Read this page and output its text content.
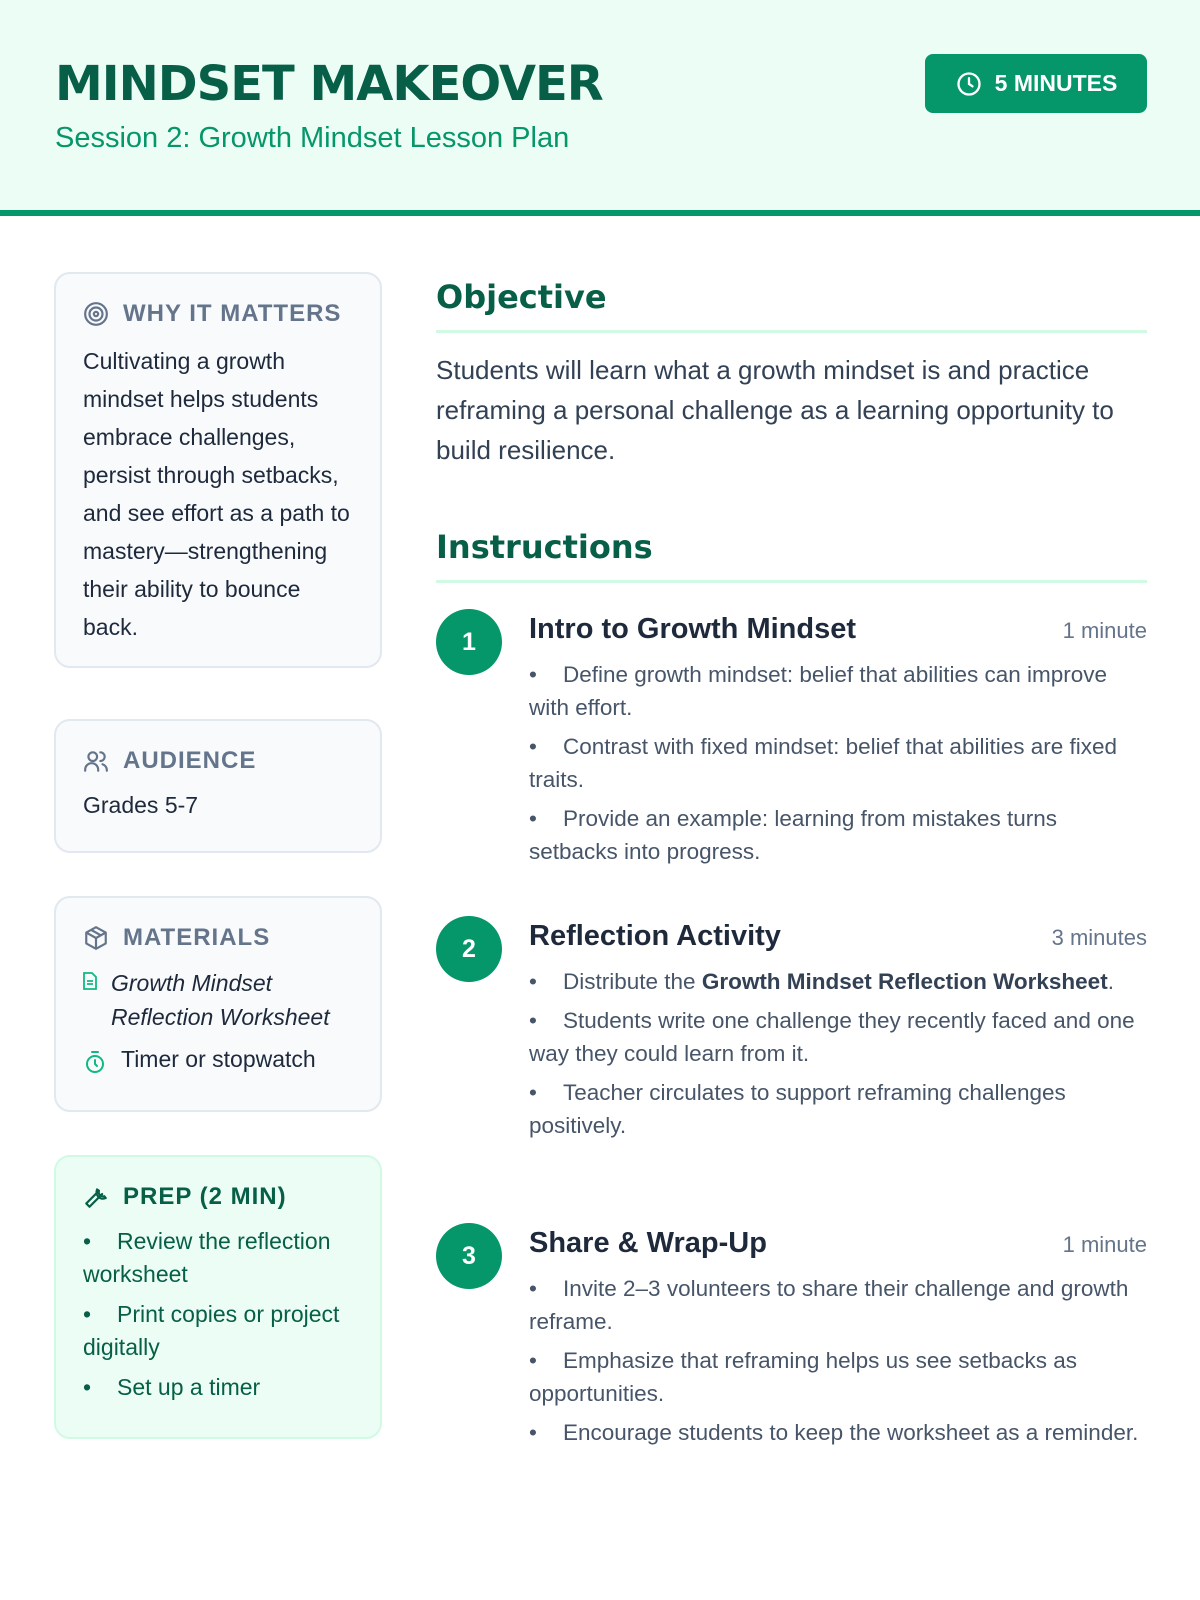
MINDSET MAKEOVER
Session 2: Growth Mindset Lesson Plan
5 MINUTES
WHY IT MATTERS

Cultivating a growth mindset helps students embrace challenges, persist through setbacks, and see effort as a path to mastery—strengthening their ability to bounce back.

AUDIENCE

Grades 5-7

MATERIALS
Growth Mindset Reflection Worksheet
Timer or stopwatch
PREP (2 MIN)
• Review the reflection worksheet
• Print copies or project digitally
• Set up a timer
Objective

Students will learn what a growth mindset is and practice reframing a personal challenge as a learning opportunity to build resilience.

Instructions
1	Intro to Growth Mindset	1 minute
• Define growth mindset: belief that abilities can improve with effort.
• Contrast with fixed mindset: belief that abilities are fixed traits.
• Provide an example: learning from mistakes turns setbacks into progress.
2	Reflection Activity	3 minutes
• Distribute the Growth Mindset Reflection Worksheet.
• Students write one challenge they recently faced and one way they could learn from it.
• Teacher circulates to support reframing challenges positively.
3	Share & Wrap-Up	1 minute
• Invite 2–3 volunteers to share their challenge and growth reframe.
• Emphasize that reframing helps us see setbacks as opportunities.
• Encourage students to keep the worksheet as a reminder.
